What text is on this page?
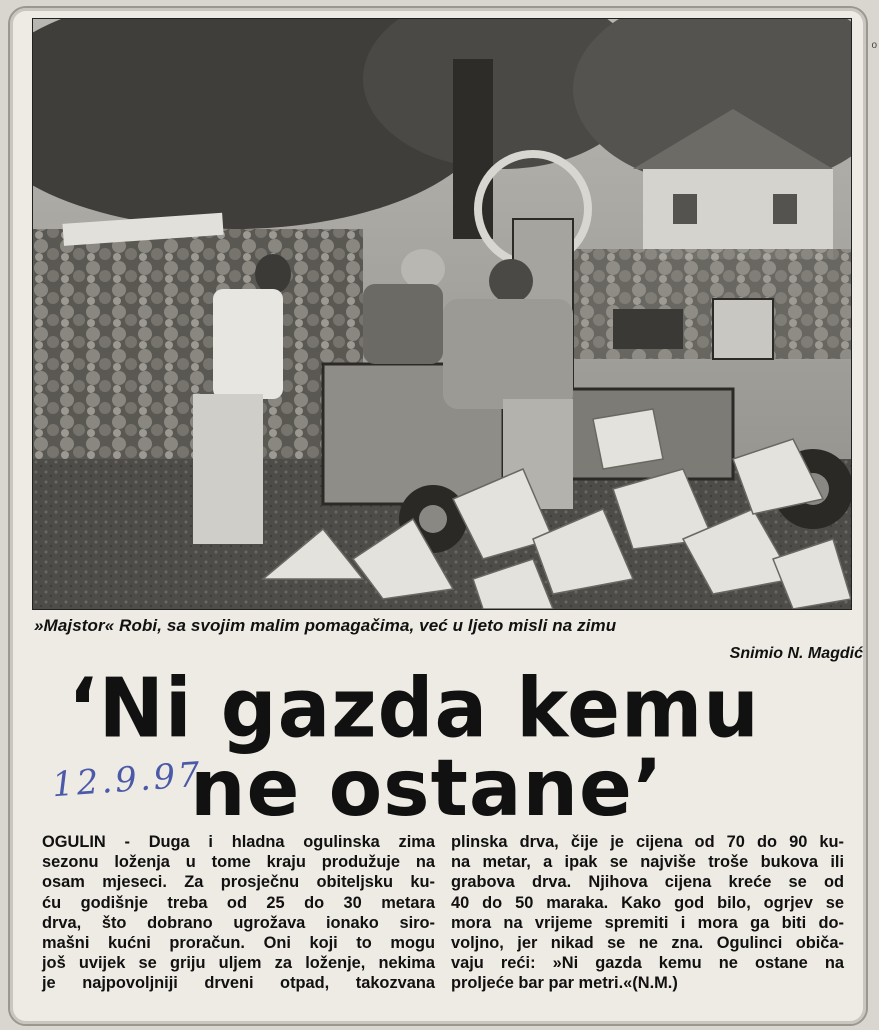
o
»Majstor« Robi, sa svojim malim pomagačima, već u ljeto misli na zimu
Snimio N. Magdić
‘Ni gazda kemu
ne ostane’
12.9.97
OGULIN - Duga i hladna ogulinska zima
sezonu loženja u tome kraju produžuje na
osam mjeseci. Za prosječnu obiteljsku ku-
ću godišnje treba od 25 do 30 metara
drva, što dobrano ugrožava ionako siro-
mašni kućni proračun. Oni koji to mogu
još uvijek se griju uljem za loženje, nekima
je najpovoljniji drveni otpad, takozvana
plinska drva, čije je cijena od 70 do 90 ku-
na metar, a ipak se najviše troše bukova ili
grabova drva. Njihova cijena kreće se od
40 do 50 maraka. Kako god bilo, ogrjev se
mora na vrijeme spremiti i mora ga biti do-
voljno, jer nikad se ne zna. Ogulinci običa-
vaju reći: »Ni gazda kemu ne ostane na
proljeće bar par metri.«(N.M.)
